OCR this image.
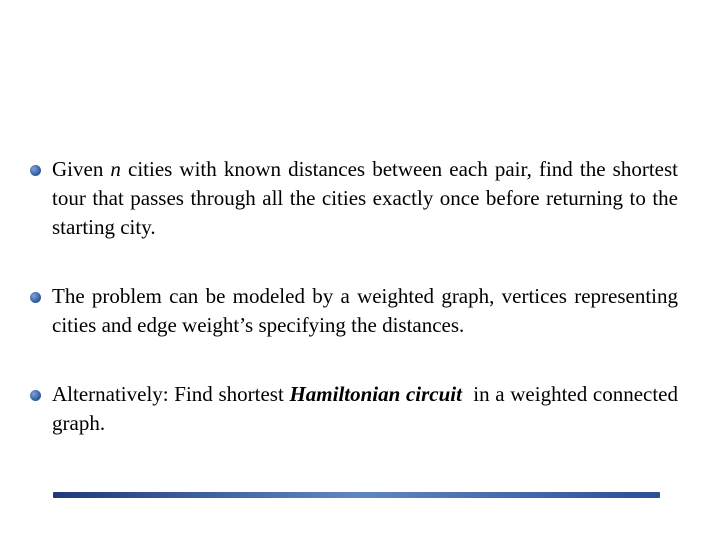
Given n cities with known distances between each pair, find the shortest tour that passes through all the cities exactly once before returning to the starting city.
The problem can be modeled by a weighted graph, vertices representing cities and edge weight’s specifying the distances.
Alternatively: Find shortest Hamiltonian circuit  in a weighted connected graph.
